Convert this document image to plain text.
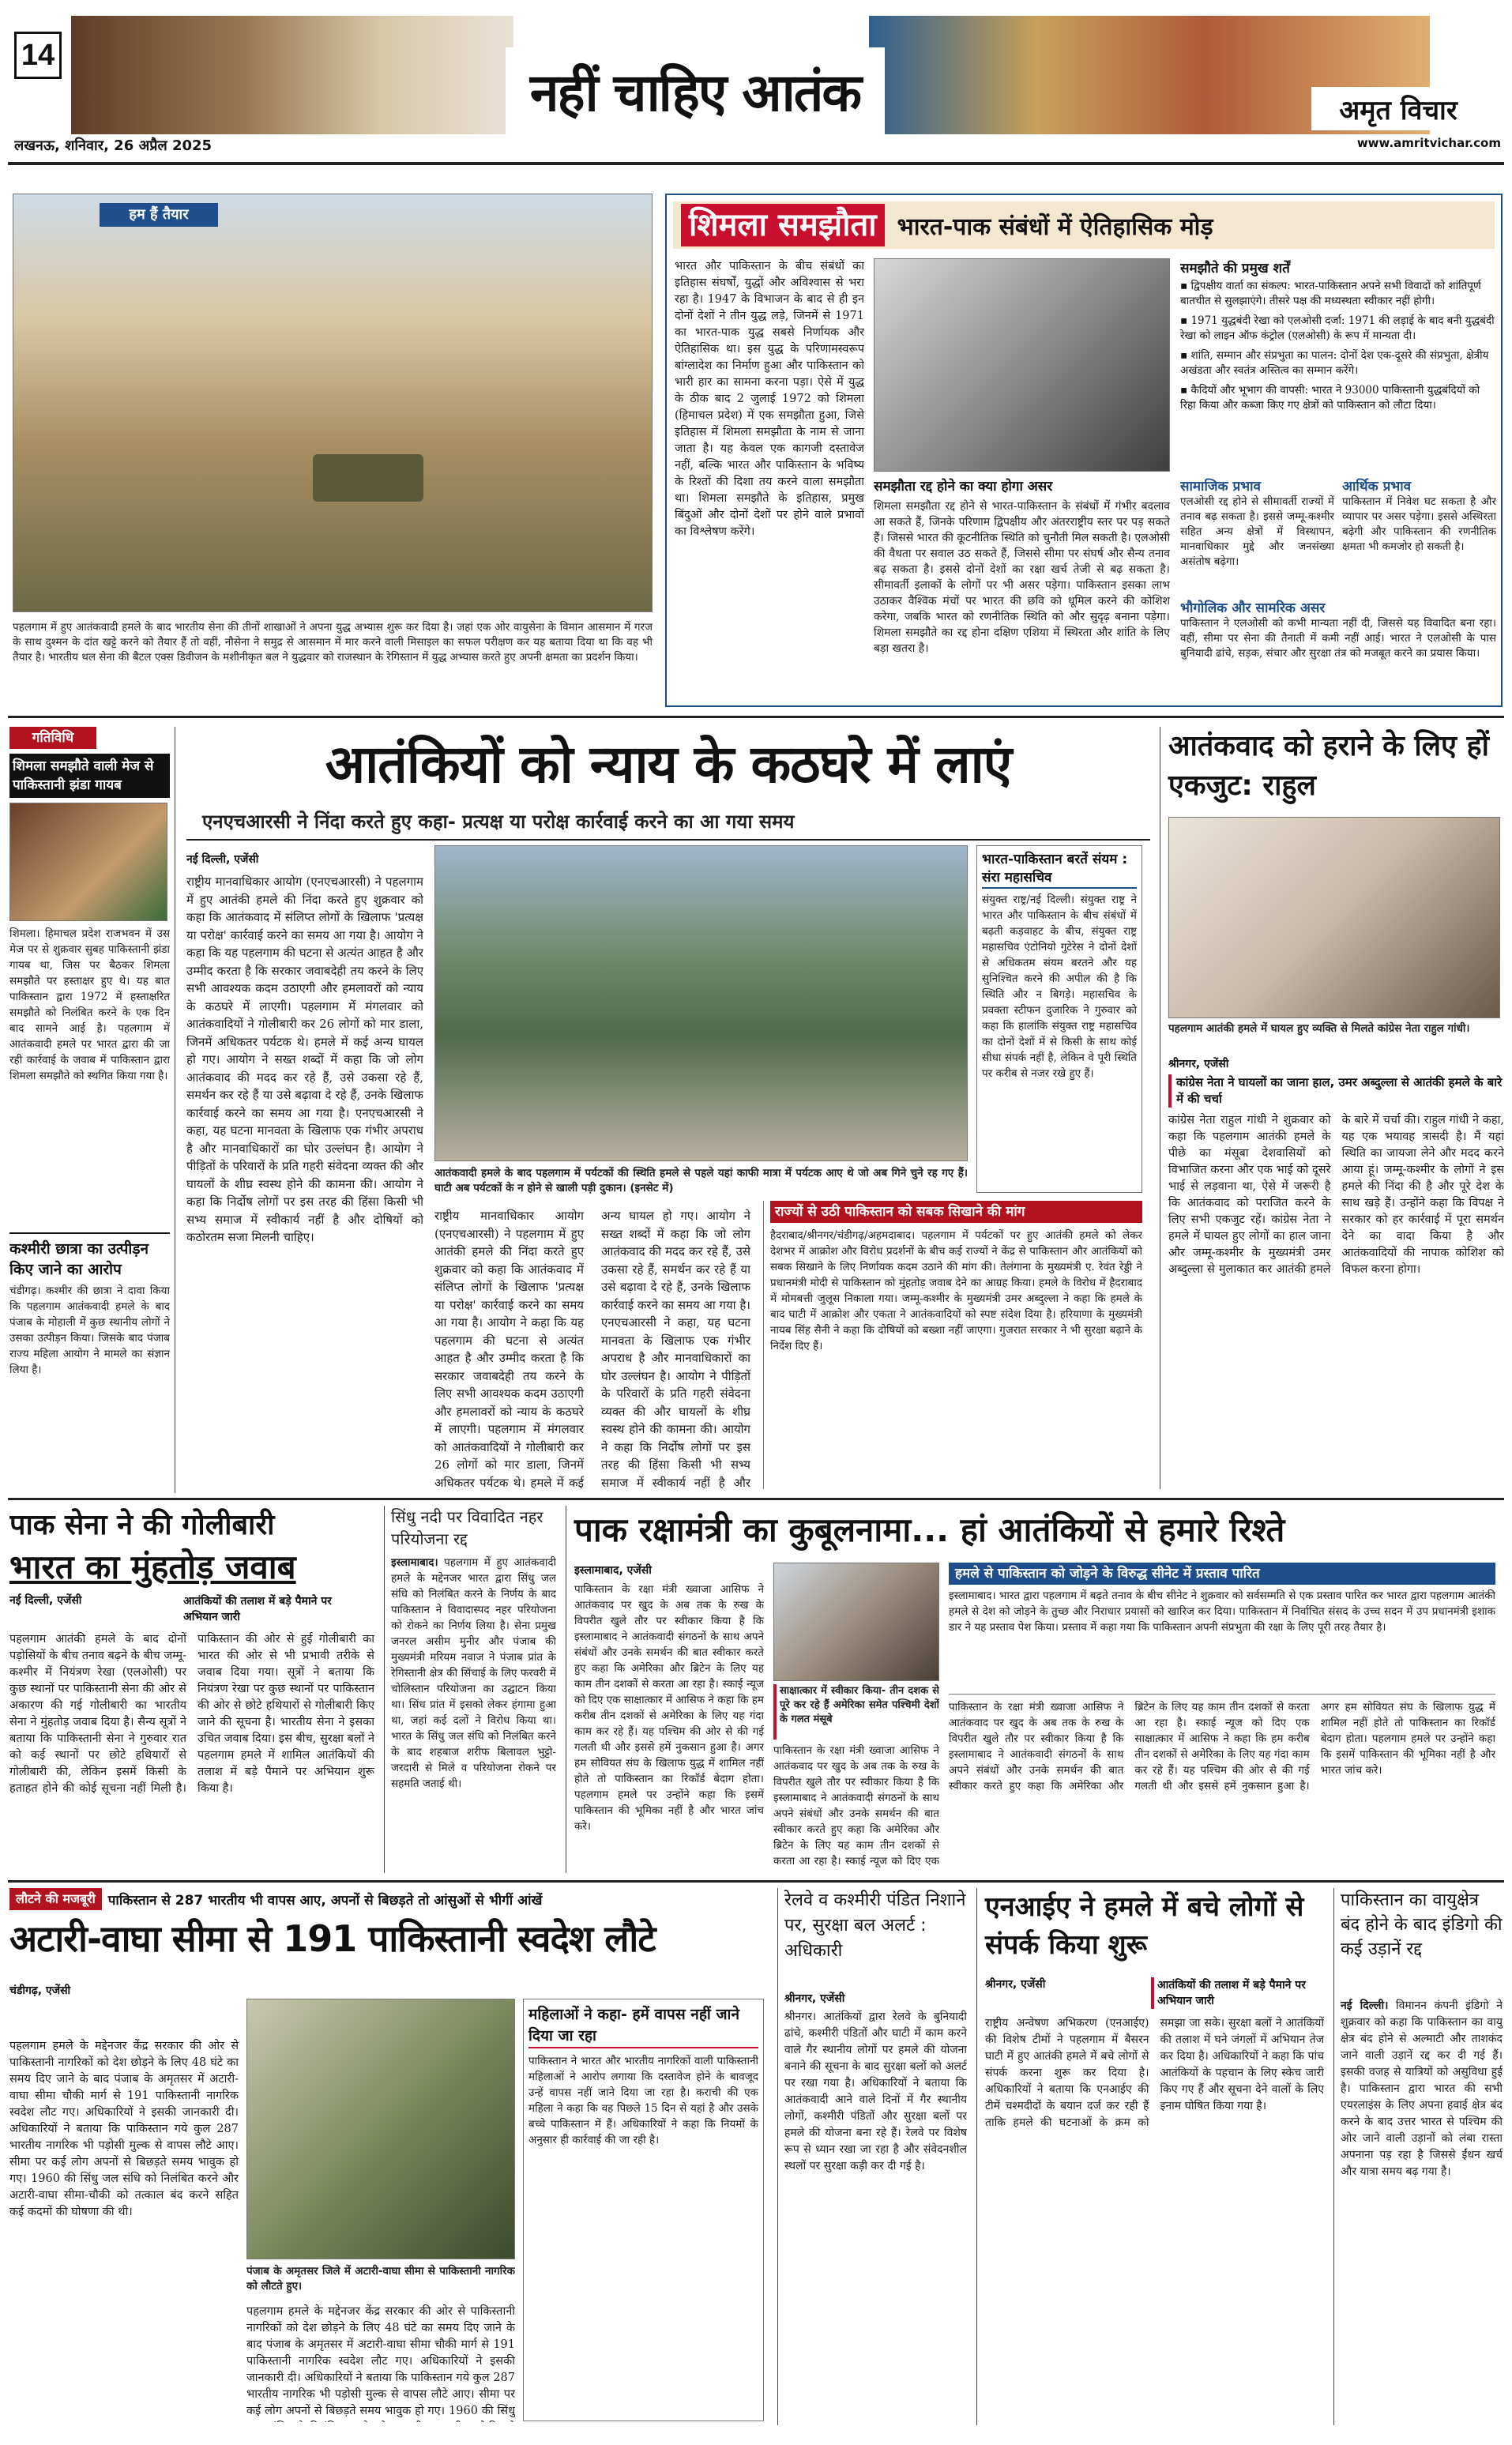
14
नहीं चाहिए आतंक	अमृत विचार
लखनऊ, शनिवार, 26 अप्रैल 2025	www.amritvichar.com
हम हैं तैयार
पहलगाम में हुए आतंकवादी हमले के बाद भारतीय सेना की तीनों शाखाओं ने अपना युद्ध अभ्यास शुरू कर दिया है। जहां एक ओर वायुसेना के विमान आसमान में गरज के साथ दुश्मन के दांत खट्टे करने को तैयार हैं तो वहीं, नौसेना ने समुद्र से आसमान में मार करने वाली मिसाइल का सफल परीक्षण कर यह बताया दिया था कि वह भी तैयार है। भारतीय थल सेना की बैटल एक्स डिवीजन के मशीनीकृत बल ने युद्धवार को राजस्थान के रेगिस्तान में युद्ध अभ्यास करते हुए अपनी क्षमता का प्रदर्शन किया।
शिमला समझौता भारत-पाक संबंधों में ऐतिहासिक मोड़
भारत और पाकिस्तान के बीच संबंधों का इतिहास संघर्षों, युद्धों और अविश्वास से भरा रहा है। 1947 के विभाजन के बाद से ही इन दोनों देशों ने तीन युद्ध लड़े, जिनमें से 1971 का भारत-पाक युद्ध सबसे निर्णायक और ऐतिहासिक था। इस युद्ध के परिणामस्वरूप बांग्लादेश का निर्माण हुआ और पाकिस्तान को भारी हार का सामना करना पड़ा। ऐसे में युद्ध के ठीक बाद 2 जुलाई 1972 को शिमला (हिमाचल प्रदेश) में एक समझौता हुआ, जिसे इतिहास में शिमला समझौता के नाम से जाना जाता है। यह केवल एक कागजी दस्तावेज नहीं, बल्कि भारत और पाकिस्तान के भविष्य के रिश्तों की दिशा तय करने वाला समझौता था। शिमला समझौते के इतिहास, प्रमुख बिंदुओं और दोनों देशों पर होने वाले प्रभावों का विश्लेषण करेंगे।
समझौता रद्द होने का क्या होगा असर
शिमला समझौता रद्द होने से भारत-पाकिस्तान के संबंधों में गंभीर बदलाव आ सकते हैं, जिनके परिणाम द्विपक्षीय और अंतरराष्ट्रीय स्तर पर पड़ सकते हैं। जिससे भारत की कूटनीतिक स्थिति को चुनौती मिल सकती है। एलओसी की वैधता पर सवाल उठ सकते हैं, जिससे सीमा पर संघर्ष और सैन्य तनाव बढ़ सकता है। इससे दोनों देशों का रक्षा खर्च तेजी से बढ़ सकता है। सीमावर्ती इलाकों के लोगों पर भी असर पड़ेगा। पाकिस्तान इसका लाभ उठाकर वैश्विक मंचों पर भारत की छवि को धूमिल करने की कोशिश करेगा, जबकि भारत को रणनीतिक स्थिति को और सुदृढ़ बनाना पड़ेगा। शिमला समझौते का रद्द होना दक्षिण एशिया में स्थिरता और शांति के लिए बड़ा खतरा है।
समझौते की प्रमुख शर्तें
▪ द्विपक्षीय वार्ता का संकल्प: भारत-पाकिस्तान अपने सभी विवादों को शांतिपूर्ण बातचीत से सुलझाएंगे। तीसरे पक्ष की मध्यस्थता स्वीकार नहीं होगी।
▪ 1971 युद्धबंदी रेखा को एलओसी दर्जा: 1971 की लड़ाई के बाद बनी युद्धबंदी रेखा को लाइन ऑफ कंट्रोल (एलओसी) के रूप में मान्यता दी।
▪ शांति, सम्मान और संप्रभुता का पालन: दोनों देश एक-दूसरे की संप्रभुता, क्षेत्रीय अखंडता और स्वतंत्र अस्तित्व का सम्मान करेंगे।
▪ कैदियों और भूभाग की वापसी: भारत ने 93000 पाकिस्तानी युद्धबंदियों को रिहा किया और कब्जा किए गए क्षेत्रों को पाकिस्तान को लौटा दिया।
सामाजिक प्रभाव
एलओसी रद्द होने से सीमावर्ती राज्यों में तनाव बढ़ सकता है। इससे जम्मू-कश्मीर सहित अन्य क्षेत्रों में विस्थापन, मानवाधिकार मुद्दे और जनसंख्या असंतोष बढ़ेगा।
आर्थिक प्रभाव
पाकिस्तान में निवेश घट सकता है और व्यापार पर असर पड़ेगा। इससे अस्थिरता बढ़ेगी और पाकिस्तान की रणनीतिक क्षमता भी कमजोर हो सकती है।
भौगोलिक और सामरिक असर
पाकिस्तान ने एलओसी को कभी मान्यता नहीं दी, जिससे यह विवादित बना रहा। वहीं, सीमा पर सेना की तैनाती में कमी नहीं आई। भारत ने एलओसी के पास बुनियादी ढांचे, सड़क, संचार और सुरक्षा तंत्र को मजबूत करने का प्रयास किया।
गतिविधि
शिमला समझौते वाली मेज से पाकिस्तानी झंडा गायब
शिमला। हिमाचल प्रदेश राजभवन में उस मेज पर से शुक्रवार सुबह पाकिस्तानी झंडा गायब था, जिस पर बैठकर शिमला समझौते पर हस्ताक्षर हुए थे। यह बात पाकिस्तान द्वारा 1972 में हस्ताक्षरित समझौते को निलंबित करने के एक दिन बाद सामने आई है। पहलगाम में आतंकवादी हमले पर भारत द्वारा की जा रही कार्रवाई के जवाब में पाकिस्तान द्वारा शिमला समझौते को स्थगित किया गया है।
कश्मीरी छात्रा का उत्पीड़न किए जाने का आरोप
चंडीगढ़। कश्मीर की छात्रा ने दावा किया कि पहलगाम आतंकवादी हमले के बाद पंजाब के मोहाली में कुछ स्थानीय लोगों ने उसका उत्पीड़न किया। जिसके बाद पंजाब राज्य महिला आयोग ने मामले का संज्ञान लिया है।
आतंकियों को न्याय के कठघरे में लाएं
एनएचआरसी ने निंदा करते हुए कहा- प्रत्यक्ष या परोक्ष कार्रवाई करने का आ गया समय
नई दिल्ली, एजेंसी
राष्ट्रीय मानवाधिकार आयोग (एनएचआरसी) ने पहलगाम में हुए आतंकी हमले की निंदा करते हुए शुक्रवार को कहा कि आतंकवाद में संलिप्त लोगों के खिलाफ 'प्रत्यक्ष या परोक्ष' कार्रवाई करने का समय आ गया है। आयोग ने कहा कि यह पहलगाम की घटना से अत्यंत आहत है और उम्मीद करता है कि सरकार जवाबदेही तय करने के लिए सभी आवश्यक कदम उठाएगी और हमलावरों को न्याय के कठघरे में लाएगी। पहलगाम में मंगलवार को आतंकवादियों ने गोलीबारी कर 26 लोगों को मार डाला, जिनमें अधिकतर पर्यटक थे। हमले में कई अन्य घायल हो गए। आयोग ने सख्त शब्दों में कहा कि जो लोग आतंकवाद की मदद कर रहे हैं, उसे उकसा रहे हैं, समर्थन कर रहे हैं या उसे बढ़ावा दे रहे हैं, उनके खिलाफ कार्रवाई करने का समय आ गया है। एनएचआरसी ने कहा, यह घटना मानवता के खिलाफ एक गंभीर अपराध है और मानवाधिकारों का घोर उल्लंघन है। आयोग ने पीड़ितों के परिवारों के प्रति गहरी संवेदना व्यक्त की और घायलों के शीघ्र स्वस्थ होने की कामना की। आयोग ने कहा कि निर्दोष लोगों पर इस तरह की हिंसा किसी भी सभ्य समाज में स्वीकार्य नहीं है और दोषियों को कठोरतम सजा मिलनी चाहिए।
आतंकवादी हमले के बाद पहलगाम में पर्यटकों की स्थिति हमले से पहले यहां काफी मात्रा में पर्यटक आए थे जो अब गिने चुने रह गए हैं। घाटी अब पर्यटकों के न होने से खाली पड़ी दुकान। (इनसेट में)
राष्ट्रीय मानवाधिकार आयोग (एनएचआरसी) ने पहलगाम में हुए आतंकी हमले की निंदा करते हुए शुक्रवार को कहा कि आतंकवाद में संलिप्त लोगों के खिलाफ 'प्रत्यक्ष या परोक्ष' कार्रवाई करने का समय आ गया है। आयोग ने कहा कि यह पहलगाम की घटना से अत्यंत आहत है और उम्मीद करता है कि सरकार जवाबदेही तय करने के लिए सभी आवश्यक कदम उठाएगी और हमलावरों को न्याय के कठघरे में लाएगी। पहलगाम में मंगलवार को आतंकवादियों ने गोलीबारी कर 26 लोगों को मार डाला, जिनमें अधिकतर पर्यटक थे। हमले में कई अन्य घायल हो गए। आयोग ने सख्त शब्दों में कहा कि जो लोग आतंकवाद की मदद कर रहे हैं, उसे उकसा रहे हैं, समर्थन कर रहे हैं या उसे बढ़ावा दे रहे हैं, उनके खिलाफ कार्रवाई करने का समय आ गया है। एनएचआरसी ने कहा, यह घटना मानवता के खिलाफ एक गंभीर अपराध है और मानवाधिकारों का घोर उल्लंघन है। आयोग ने पीड़ितों के परिवारों के प्रति गहरी संवेदना व्यक्त की और घायलों के शीघ्र स्वस्थ होने की कामना की। आयोग ने कहा कि निर्दोष लोगों पर इस तरह की हिंसा किसी भी सभ्य समाज में स्वीकार्य नहीं है और
भारत-पाकिस्तान बरतें संयम : संरा महासचिव
संयुक्त राष्ट्र/नई दिल्ली। संयुक्त राष्ट्र ने भारत और पाकिस्तान के बीच संबंधों में बढ़ती कड़वाहट के बीच, संयुक्त राष्ट्र महासचिव एंटोनियो गुटेरेस ने दोनों देशों से अधिकतम संयम बरतने और यह सुनिश्चित करने की अपील की है कि स्थिति और न बिगड़े। महासचिव के प्रवक्ता स्टीफन दुजारिक ने गुरुवार को कहा कि हालांकि संयुक्त राष्ट्र महासचिव का दोनों देशों में से किसी के साथ कोई सीधा संपर्क नहीं है, लेकिन वे पूरी स्थिति पर करीब से नजर रखे हुए हैं।
राज्यों से उठी पाकिस्तान को सबक सिखाने की मांग
हैदराबाद/श्रीनगर/चंडीगढ़/अहमदाबाद। पहलगाम में पर्यटकों पर हुए आतंकी हमले को लेकर देशभर में आक्रोश और विरोध प्रदर्शनों के बीच कई राज्यों ने केंद्र से पाकिस्तान और आतंकियों को सबक सिखाने के लिए निर्णायक कदम उठाने की मांग की। तेलंगाना के मुख्यमंत्री ए. रेवंत रेड्डी ने प्रधानमंत्री मोदी से पाकिस्तान को मुंहतोड़ जवाब देने का आग्रह किया। हमले के विरोध में हैदराबाद में मोमबत्ती जुलूस निकाला गया। जम्मू-कश्मीर के मुख्यमंत्री उमर अब्दुल्ला ने कहा कि हमले के बाद घाटी में आक्रोश और एकता ने आतंकवादियों को स्पष्ट संदेश दिया है। हरियाणा के मुख्यमंत्री नायब सिंह सैनी ने कहा कि दोषियों को बख्शा नहीं जाएगा। गुजरात सरकार ने भी सुरक्षा बढ़ाने के निर्देश दिए हैं।
आतंकवाद को हराने के लिए हों एकजुट: राहुल
पहलगाम आतंकी हमले में घायल हुए व्यक्ति से मिलते कांग्रेस नेता राहुल गांधी।
श्रीनगर, एजेंसी
कांग्रेस नेता ने घायलों का जाना हाल, उमर अब्दुल्ला से आतंकी हमले के बारे में की चर्चा
कांग्रेस नेता राहुल गांधी ने शुक्रवार को कहा कि पहलगाम आतंकी हमले के पीछे का मंसूबा देशवासियों को विभाजित करना और एक भाई को दूसरे भाई से लड़वाना था, ऐसे में जरूरी है कि आतंकवाद को पराजित करने के लिए सभी एकजुट रहें। कांग्रेस नेता ने हमले में घायल हुए लोगों का हाल जाना और जम्मू-कश्मीर के मुख्यमंत्री उमर अब्दुल्ला से मुलाकात कर आतंकी हमले के बारे में चर्चा की। राहुल गांधी ने कहा, यह एक भयावह त्रासदी है। मैं यहां स्थिति का जायजा लेने और मदद करने आया हूं। जम्मू-कश्मीर के लोगों ने इस हमले की निंदा की है और पूरे देश के साथ खड़े हैं। उन्होंने कहा कि विपक्ष ने सरकार को हर कार्रवाई में पूरा समर्थन देने का वादा किया है और आतंकवादियों की नापाक कोशिश को विफल करना होगा।
पाक सेना ने की गोलीबारी
भारत का मुंहतोड़ जवाब
नई दिल्ली, एजेंसी	आतंकियों की तलाश में बड़े पैमाने पर अभियान जारी
पहलगाम आतंकी हमले के बाद दोनों पड़ोसियों के बीच तनाव बढ़ने के बीच जम्मू-कश्मीर में नियंत्रण रेखा (एलओसी) पर कुछ स्थानों पर पाकिस्तानी सेना की ओर से अकारण की गई गोलीबारी का भारतीय सेना ने मुंहतोड़ जवाब दिया है। सैन्य सूत्रों ने बताया कि पाकिस्तानी सेना ने गुरुवार रात को कई स्थानों पर छोटे हथियारों से गोलीबारी की, लेकिन इसमें किसी के हताहत होने की कोई सूचना नहीं मिली है। पाकिस्तान की ओर से हुई गोलीबारी का भारत की ओर से भी प्रभावी तरीके से जवाब दिया गया। सूत्रों ने बताया कि नियंत्रण रेखा पर कुछ स्थानों पर पाकिस्तान की ओर से छोटे हथियारों से गोलीबारी किए जाने की सूचना है। भारतीय सेना ने इसका उचित जवाब दिया। इस बीच, सुरक्षा बलों ने पहलगाम हमले में शामिल आतंकियों की तलाश में बड़े पैमाने पर अभियान शुरू किया है।
सिंधु नदी पर विवादित नहर परियोजना रद्द
इस्लामाबाद। पहलगाम में हुए आतंकवादी हमले के मद्देनजर भारत द्वारा सिंधु जल संधि को निलंबित करने के निर्णय के बाद पाकिस्तान ने विवादास्पद नहर परियोजना को रोकने का निर्णय लिया है। सेना प्रमुख जनरल असीम मुनीर और पंजाब की मुख्यमंत्री मरियम नवाज ने पंजाब प्रांत के रेगिस्तानी क्षेत्र की सिंचाई के लिए फरवरी में चोलिस्तान परियोजना का उद्घाटन किया था। सिंध प्रांत में इसको लेकर हंगामा हुआ था, जहां कई दलों ने विरोध किया था। भारत के सिंधु जल संधि को निलंबित करने के बाद शहबाज शरीफ बिलावल भुट्टो-जरदारी से मिले व परियोजना रोकने पर सहमति जताई थी।
पाक रक्षामंत्री का कुबूलनामा... हां आतंकियों से हमारे रिश्ते
इस्लामाबाद, एजेंसी
पाकिस्तान के रक्षा मंत्री ख्वाजा आसिफ ने आतंकवाद पर खुद के अब तक के रुख के विपरीत खुले तौर पर स्वीकार किया है कि इस्लामाबाद ने आतंकवादी संगठनों के साथ अपने संबंधों और उनके समर्थन की बात स्वीकार करते हुए कहा कि अमेरिका और ब्रिटेन के लिए यह काम तीन दशकों से करता आ रहा है। स्काई न्यूज को दिए एक साक्षात्कार में आसिफ ने कहा कि हम करीब तीन दशकों से अमेरिका के लिए यह गंदा काम कर रहे हैं। यह पश्चिम की ओर से की गई गलती थी और इससे हमें नुकसान हुआ है। अगर हम सोवियत संघ के खिलाफ युद्ध में शामिल नहीं होते तो पाकिस्तान का रिकॉर्ड बेदाग होता। पहलगाम हमले पर उन्होंने कहा कि इसमें पाकिस्तान की भूमिका नहीं है और भारत जांच करे।
साक्षात्कार में स्वीकार किया- तीन दशक से पूरे कर रहे हैं अमेरिका समेत पश्चिमी देशों के गलत मंसूबे
पाकिस्तान के रक्षा मंत्री ख्वाजा आसिफ ने आतंकवाद पर खुद के अब तक के रुख के विपरीत खुले तौर पर स्वीकार किया है कि इस्लामाबाद ने आतंकवादी संगठनों के साथ अपने संबंधों और उनके समर्थन की बात स्वीकार करते हुए कहा कि अमेरिका और ब्रिटेन के लिए यह काम तीन दशकों से करता आ रहा है। स्काई न्यूज को दिए एक
हमले से पाकिस्तान को जोड़ने के विरुद्ध सीनेट में प्रस्ताव पारित
इस्लामाबाद। भारत द्वारा पहलगाम में बढ़ते तनाव के बीच सीनेट ने शुक्रवार को सर्वसम्मति से एक प्रस्ताव पारित कर भारत द्वारा पहलगाम आतंकी हमले से देश को जोड़ने के तुच्छ और निराधार प्रयासों को खारिज कर दिया। पाकिस्तान में निर्वाचित संसद के उच्च सदन में उप प्रधानमंत्री इशाक डार ने यह प्रस्ताव पेश किया। प्रस्ताव में कहा गया कि पाकिस्तान अपनी संप्रभुता की रक्षा के लिए पूरी तरह तैयार है।
पाकिस्तान के रक्षा मंत्री ख्वाजा आसिफ ने आतंकवाद पर खुद के अब तक के रुख के विपरीत खुले तौर पर स्वीकार किया है कि इस्लामाबाद ने आतंकवादी संगठनों के साथ अपने संबंधों और उनके समर्थन की बात स्वीकार करते हुए कहा कि अमेरिका और ब्रिटेन के लिए यह काम तीन दशकों से करता आ रहा है। स्काई न्यूज को दिए एक साक्षात्कार में आसिफ ने कहा कि हम करीब तीन दशकों से अमेरिका के लिए यह गंदा काम कर रहे हैं। यह पश्चिम की ओर से की गई गलती थी और इससे हमें नुकसान हुआ है। अगर हम सोवियत संघ के खिलाफ युद्ध में शामिल नहीं होते तो पाकिस्तान का रिकॉर्ड बेदाग होता। पहलगाम हमले पर उन्होंने कहा कि इसमें पाकिस्तान की भूमिका नहीं है और भारत जांच करे।
लौटने की मजबूरी पाकिस्तान से 287 भारतीय भी वापस आए, अपनों से बिछड़ते तो आंसुओं से भीगीं आंखें
अटारी-वाघा सीमा से 191 पाकिस्तानी स्वदेश लौटे
चंडीगढ़, एजेंसी
पहलगाम हमले के मद्देनजर केंद्र सरकार की ओर से पाकिस्तानी नागरिकों को देश छोड़ने के लिए 48 घंटे का समय दिए जाने के बाद पंजाब के अमृतसर में अटारी-वाघा सीमा चौकी मार्ग से 191 पाकिस्तानी नागरिक स्वदेश लौट गए। अधिकारियों ने इसकी जानकारी दी। अधिकारियों ने बताया कि पाकिस्तान गये कुल 287 भारतीय नागरिक भी पड़ोसी मुल्क से वापस लौटे आए। सीमा पर कई लोग अपनों से बिछड़ते समय भावुक हो गए। 1960 की सिंधु जल संधि को निलंबित करने और अटारी-वाघा सीमा-चौकी को तत्काल बंद करने सहित कई कदमों की घोषणा की थी।
पंजाब के अमृतसर जिले में अटारी-वाघा सीमा से पाकिस्तानी नागरिक को लौटते हुए।
पहलगाम हमले के मद्देनजर केंद्र सरकार की ओर से पाकिस्तानी नागरिकों को देश छोड़ने के लिए 48 घंटे का समय दिए जाने के बाद पंजाब के अमृतसर में अटारी-वाघा सीमा चौकी मार्ग से 191 पाकिस्तानी नागरिक स्वदेश लौट गए। अधिकारियों ने इसकी जानकारी दी। अधिकारियों ने बताया कि पाकिस्तान गये कुल 287 भारतीय नागरिक भी पड़ोसी मुल्क से वापस लौटे आए। सीमा पर कई लोग अपनों से बिछड़ते समय भावुक हो गए। 1960 की सिंधु
महिलाओं ने कहा- हमें वापस नहीं जाने दिया जा रहा
पाकिस्तान ने भारत और भारतीय नागरिकों वाली पाकिस्तानी महिलाओं ने आरोप लगाया कि दस्तावेज होने के बावजूद उन्हें वापस नहीं जाने दिया जा रहा है। कराची की एक महिला ने कहा कि वह पिछले 15 दिन से यहां है और उसके बच्चे पाकिस्तान में हैं। अधिकारियों ने कहा कि नियमों के अनुसार ही कार्रवाई की जा रही है।
रेलवे व कश्मीरी पंडित निशाने पर, सुरक्षा बल अलर्ट : अधिकारी
श्रीनगर, एजेंसी
श्रीनगर। आतंकियों द्वारा रेलवे के बुनियादी ढांचे, कश्मीरी पंडितों और घाटी में काम करने वाले गैर स्थानीय लोगों पर हमले की योजना बनाने की सूचना के बाद सुरक्षा बलों को अलर्ट पर रखा गया है। अधिकारियों ने बताया कि आतंकवादी आने वाले दिनों में गैर स्थानीय लोगों, कश्मीरी पंडितों और सुरक्षा बलों पर हमले की योजना बना रहे हैं। रेलवे पर विशेष रूप से ध्यान रखा जा रहा है और संवेदनशील स्थलों पर सुरक्षा कड़ी कर दी गई है।
एनआईए ने हमले में बचे लोगों से संपर्क किया शुरू
श्रीनगर, एजेंसी	आतंकियों की तलाश में बड़े पैमाने पर अभियान जारी
राष्ट्रीय अन्वेषण अभिकरण (एनआईए) की विशेष टीमों ने पहलगाम में बैसरन घाटी में हुए आतंकी हमले में बचे लोगों से संपर्क करना शुरू कर दिया है। अधिकारियों ने बताया कि एनआईए की टीमें चश्मदीदों के बयान दर्ज कर रही हैं ताकि हमले की घटनाओं के क्रम को समझा जा सके। सुरक्षा बलों ने आतंकियों की तलाश में घने जंगलों में अभियान तेज कर दिया है। अधिकारियों ने कहा कि पांच आतंकियों के पहचान के लिए स्केच जारी किए गए हैं और सूचना देने वालों के लिए इनाम घोषित किया गया है।
पाकिस्तान का वायुक्षेत्र बंद होने के बाद इंडिगो की कई उड़ानें रद्द
नई दिल्ली। विमानन कंपनी इंडिगो ने शुक्रवार को कहा कि पाकिस्तान का वायु क्षेत्र बंद होने से अल्माटी और ताशकंद जाने वाली उड़ानें रद्द कर दी गई हैं। इसकी वजह से यात्रियों को असुविधा हुई है। पाकिस्तान द्वारा भारत की सभी एयरलाइंस के लिए अपना हवाई क्षेत्र बंद करने के बाद उत्तर भारत से पश्चिम की ओर जाने वाली उड़ानों को लंबा रास्ता अपनाना पड़ रहा है जिससे ईंधन खर्च और यात्रा समय बढ़ गया है।
